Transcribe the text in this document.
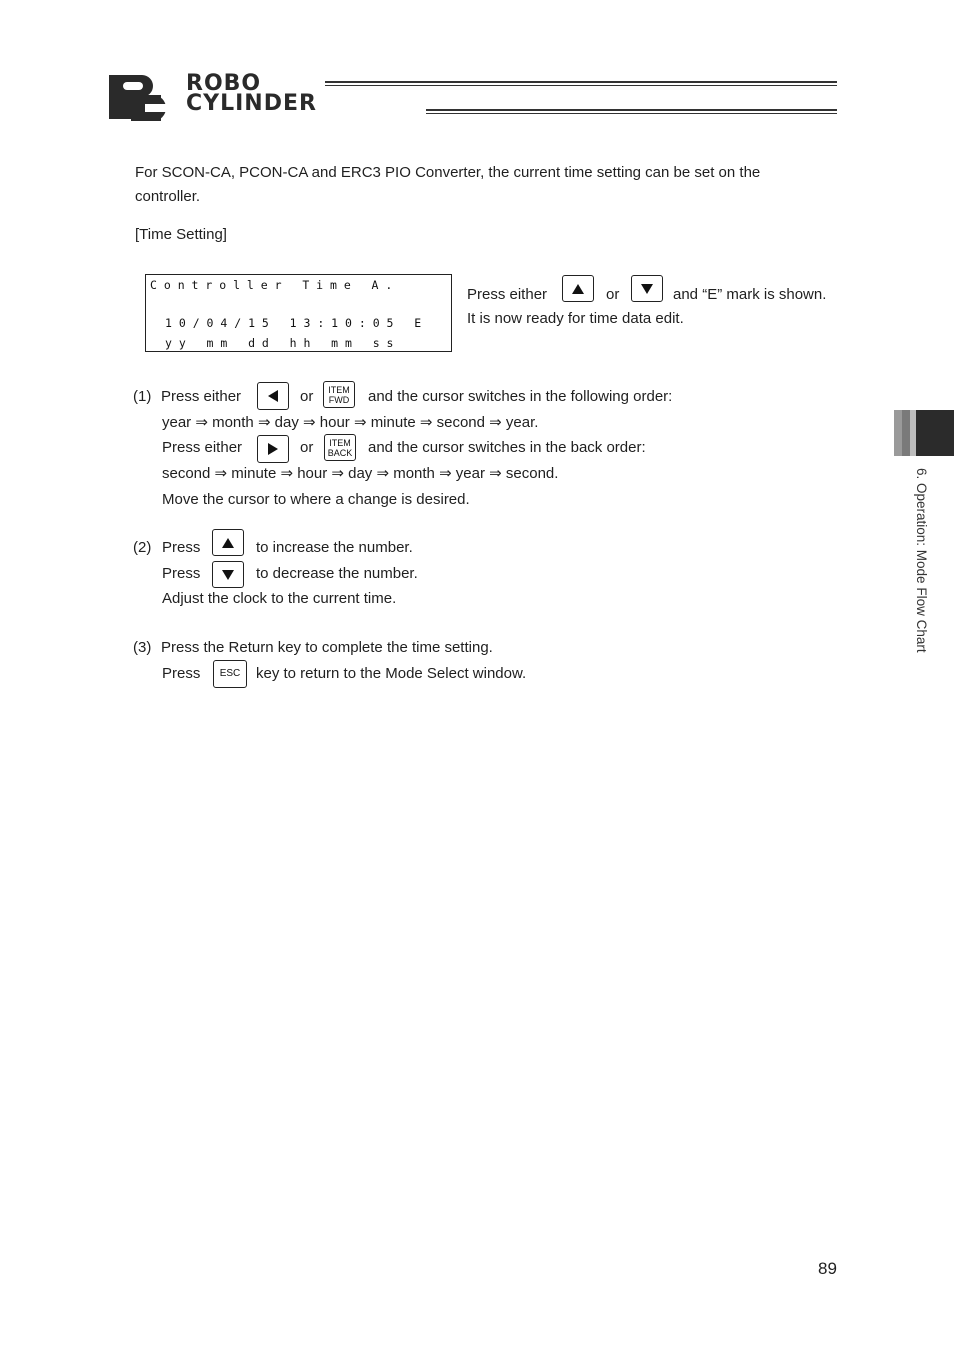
ROBO
CYLINDER
For SCON-CA, PCON-CA and ERC3 PIO Converter, the current time setting can be set on the
controller.
[Time Setting]
C o n t r o l l e r   T i m e   A .
1 0 / 0 4 / 1 5   1 3 : 1 0 : 0 5   E
y y   m m   d d   h h   m m   s s
Press either	or	and “E” mark is shown.
It is now ready for time data edit.
(1) Press either	or ITEM
FWD and the cursor switches in the following order:
year ⇒ month ⇒ day ⇒ hour ⇒ minute ⇒ second ⇒ year.
Press either	or ITEM
BACK and the cursor switches in the back order:
second ⇒ minute ⇒ hour ⇒ day ⇒ month ⇒ year ⇒ second.
Move the cursor to where a change is desired.
(2) Press	to increase the number.
Press	to decrease the number.
Adjust the clock to the current time.
(3) Press the Return key to complete the time setting.
Press ESC key to return to the Mode Select window.
6. Operation: Mode Flow Chart
89
